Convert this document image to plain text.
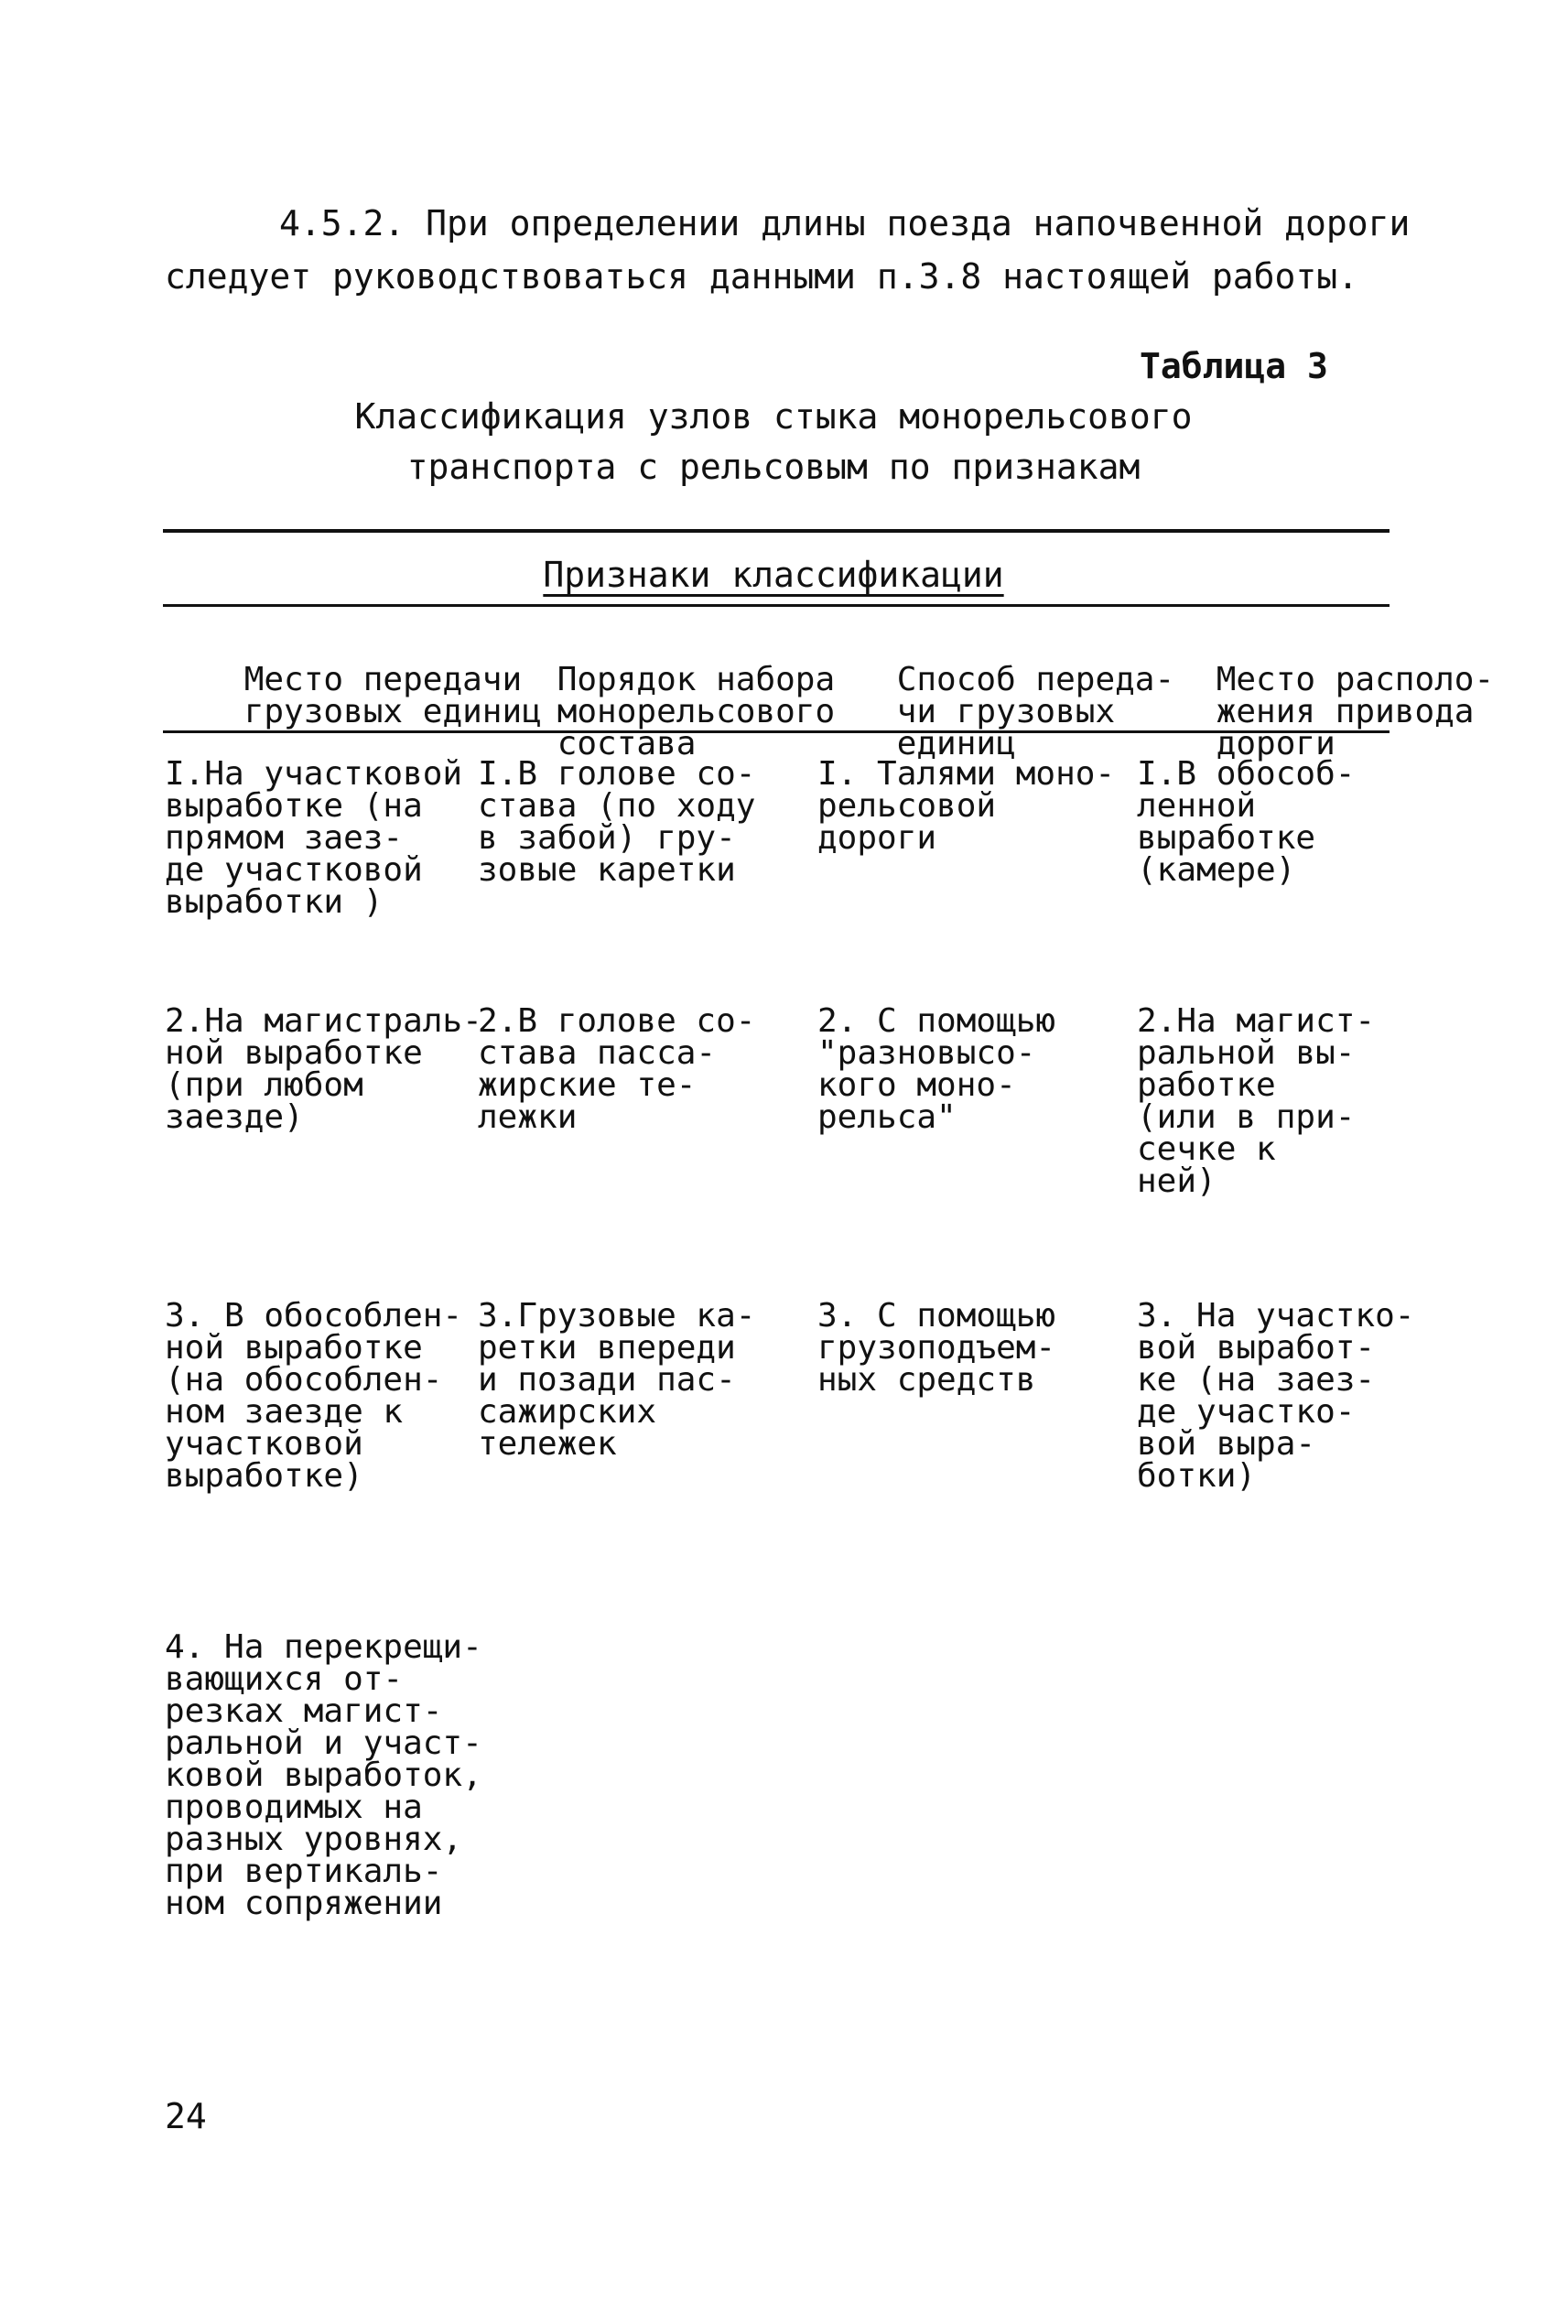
4.5.2. При определении длины поезда напочвенной дороги
следует руководствоваться данными п.3.8 настоящей работы.
Таблица 3
Классификация узлов стыка монорельсового
транспорта с рельсовым по признакам
Признаки классификации

Место передачи
грузовых единиц

Порядок набора
монорельсового
состава

Способ переда-
чи грузовых
единиц

Место располо-
жения привода
дороги

I.На участковой
выработке (на
прямом заез-
де участковой
выработки )
I.В голове со-
става (по ходу
в забой) гру-
зовые каретки
I. Талями моно-
рельсовой
дороги
I.В обособ-
ленной
выработке
(камере)
2.На магистраль-
ной выработке
(при любом
заезде)
2.В голове со-
става пасса-
жирские те-
лежки
2. С помощью
"разновысо-
кого моно-
рельса"
2.На магист-
ральной вы-
работке
(или в при-
сечке к
ней)
3. В обособлен-
ной выработке
(на обособлен-
ном заезде к
участковой
выработке)
3.Грузовые ка-
ретки впереди
и позади пас-
сажирских
тележек
3. С помощью
грузоподъем-
ных средств
3. На участко-
вой выработ-
ке (на заез-
де участко-
вой выра-
ботки)
4. На перекрещи-
вающихся от-
резках магист-
ральной и участ-
ковой выработок,
проводимых на
разных уровнях,
при вертикаль-
ном сопряжении
24
